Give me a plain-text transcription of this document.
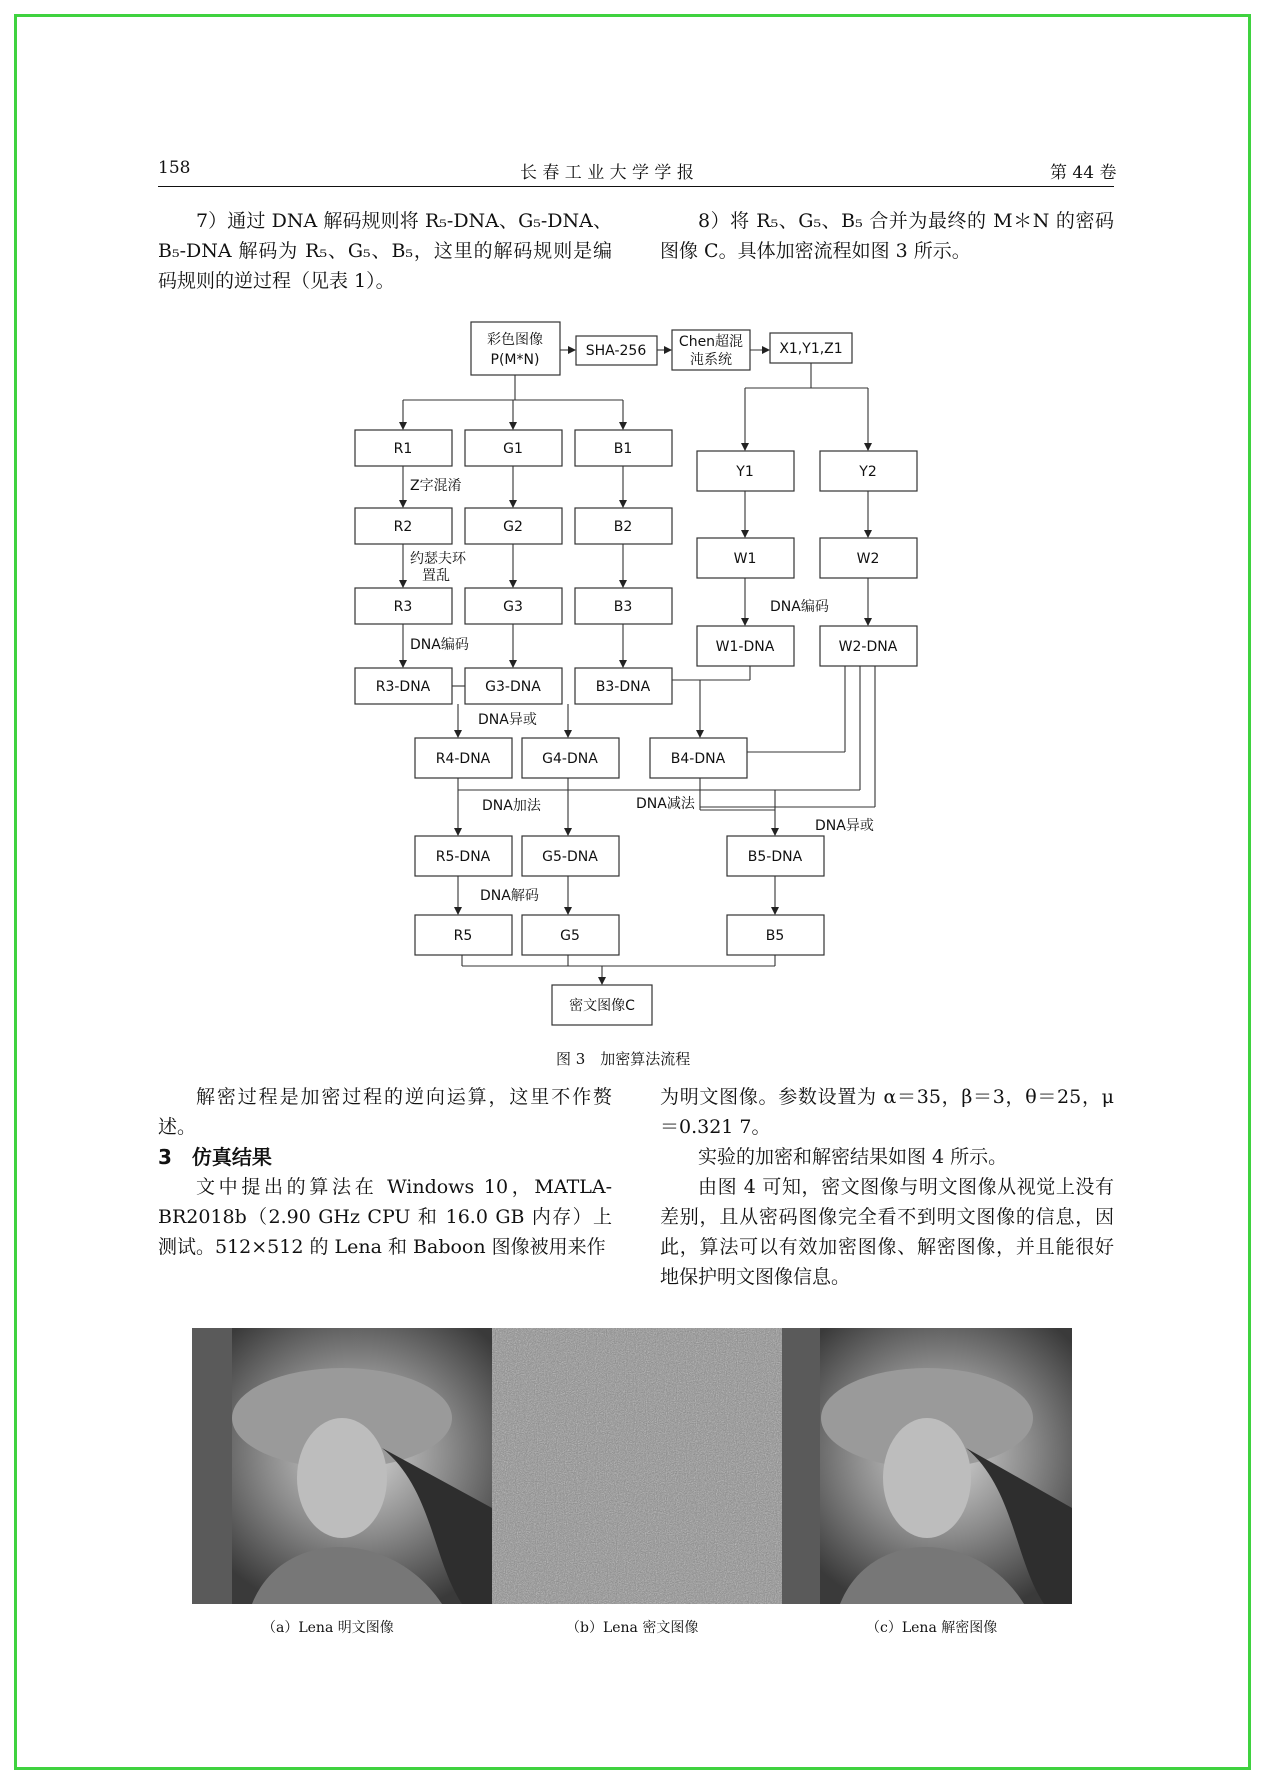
158	长 春 工 业 大 学 学 报	第 44 卷

7）通过 DNA 解码规则将 R₅-DNA、G₅-DNA、B₅-DNA 解码为 R₅、G₅、B₅，这里的解码规则是编码规则的逆过程（见表 1）。

8）将 R₅、G₅、B₅ 合并为最终的 M＊N 的密码图像 C。具体加密流程如图 3 所示。

彩色图像
P(M*N)
SHA-256
Chen超混
沌系统
X1,Y1,Z1
R1	G1	B1
R2	G2	B2
R3	G3	B3
R3-DNA	G3-DNA	B3-DNA
Y1	Y2
W1	W2
W1-DNA	W2-DNA
R4-DNA	G4-DNA	B4-DNA
R5-DNA	G5-DNA	B5-DNA
R5	G5	B5
密文图像C
Z字混淆
约瑟夫环
置乱
DNA编码
DNA编码
DNA异或
DNA加法	DNA减法
DNA异或
DNA解码
图 3　加密算法流程

解密过程是加密过程的逆向运算，这里不作赘述。

3　仿真结果

文中提出的算法在 Windows 10，MATLA-BR2018b（2.90 GHz CPU 和 16.0 GB 内存）上测试。512×512 的 Lena 和 Baboon 图像被用来作

为明文图像。参数设置为 α＝35，β＝3，θ＝25，μ＝0.321 7。

实验的加密和解密结果如图 4 所示。

由图 4 可知，密文图像与明文图像从视觉上没有差别，且从密码图像完全看不到明文图像的信息，因此，算法可以有效加密图像、解密图像，并且能很好地保护明文图像信息。

（a）Lena 明文图像	（b）Lena 密文图像	（c）Lena 解密图像
